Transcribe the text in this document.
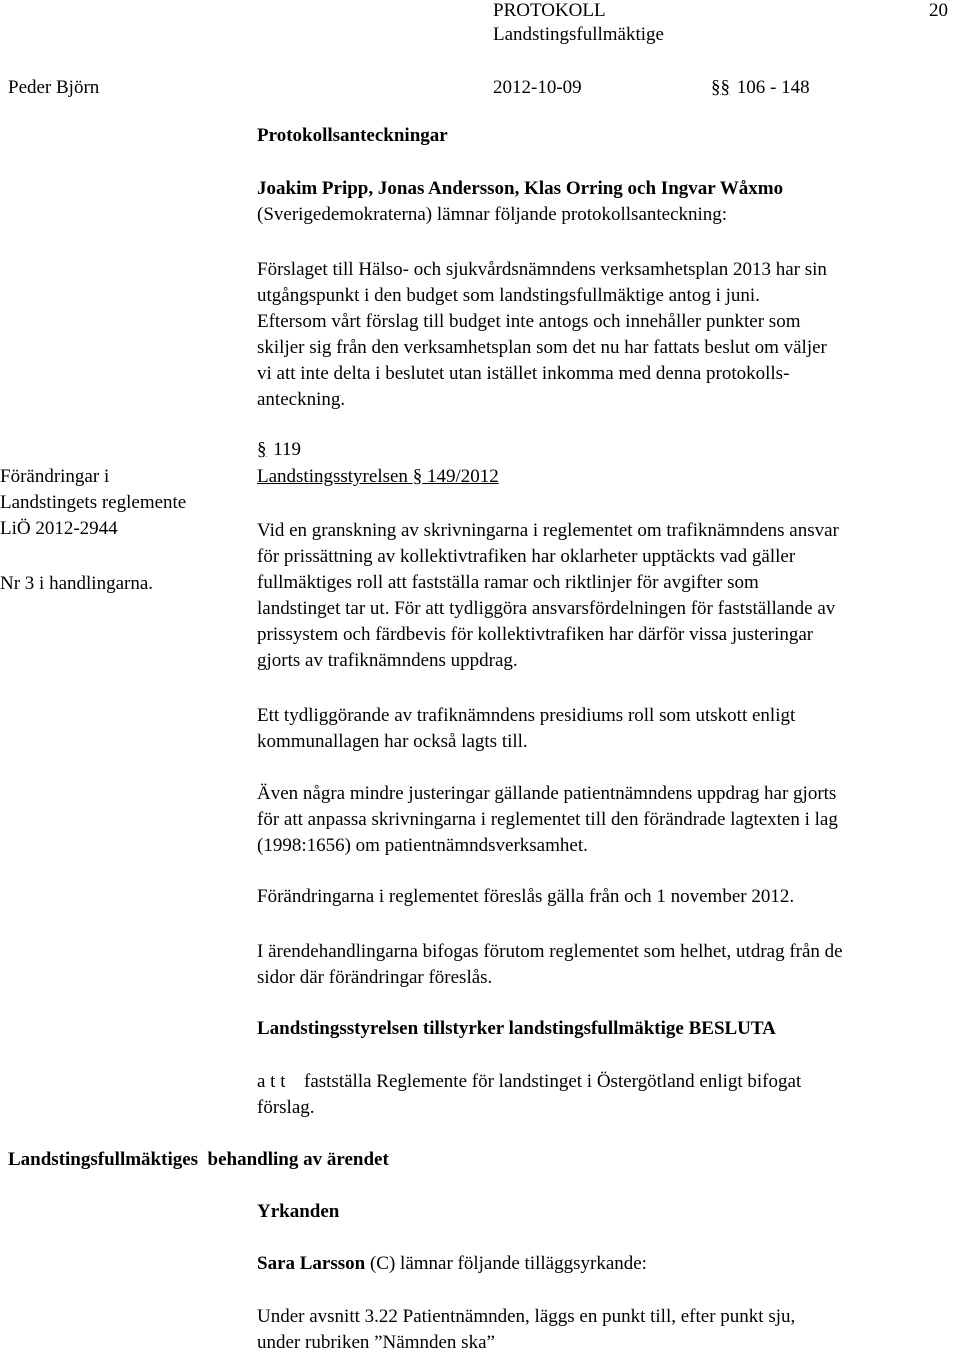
PROTOKOLL	20
Landstingsfullmäktige
Peder Björn	2012-10-09	§§ 106 - 148
Protokollsanteckningar
Joakim Pripp, Jonas Andersson, Klas Orring och Ingvar Wåxmo
(Sverigedemokraterna) lämnar följande protokollsanteckning:
Förslaget till Hälso- och sjukvårdsnämndens verksamhetsplan 2013 har sin
utgångspunkt i den budget som landstingsfullmäktige antog i juni.
Eftersom vårt förslag till budget inte antogs och innehåller punkter som
skiljer sig från den verksamhetsplan som det nu har fattats beslut om väljer
vi att inte delta i beslutet utan istället inkomma med denna protokolls-
anteckning.
§ 119
Landstingsstyrelsen § 149/2012
Förändringar i
Landstingets reglemente
LiÖ 2012-2944
Nr 3 i handlingarna.
Vid en granskning av skrivningarna i reglementet om trafiknämndens ansvar
för prissättning av kollektivtrafiken har oklarheter upptäckts vad gäller
fullmäktiges roll att fastställa ramar och riktlinjer för avgifter som
landstinget tar ut. För att tydliggöra ansvarsfördelningen för fastställande av
prissystem och färdbevis för kollektivtrafiken har därför vissa justeringar
gjorts av trafiknämndens uppdrag.
Ett tydliggörande av trafiknämndens presidiums roll som utskott enligt
kommunallagen har också lagts till.
Även några mindre justeringar gällande patientnämndens uppdrag har gjorts
för att anpassa skrivningarna i reglementet till den förändrade lagtexten i lag
(1998:1656) om patientnämndsverksamhet.
Förändringarna i reglementet föreslås gälla från och 1 november 2012.
I ärendehandlingarna bifogas förutom reglementet som helhet, utdrag från de
sidor där förändringar föreslås.
Landstingsstyrelsen tillstyrker landstingsfullmäktige BESLUTA
a t t fastställa Reglemente för landstinget i Östergötland enligt bifogat
förslag.
Landstingsfullmäktiges  behandling av ärendet
Yrkanden
Sara Larsson (C) lämnar följande tilläggsyrkande:
Under avsnitt 3.22 Patientnämnden, läggs en punkt till, efter punkt sju,
under rubriken ”Nämnden ska”
